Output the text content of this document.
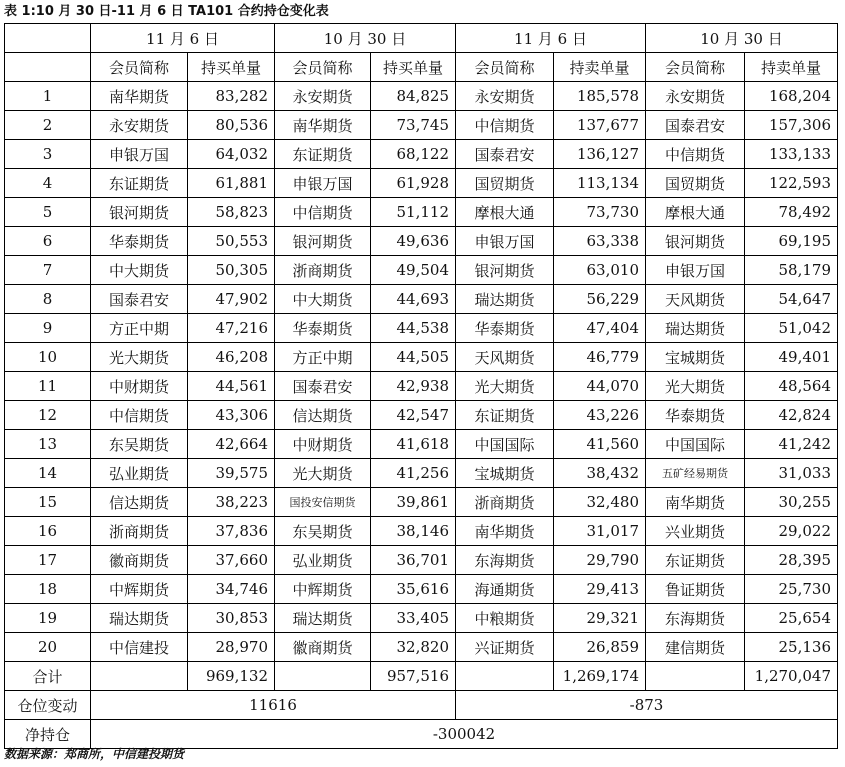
表 1:10 月 30 日-11 月 6 日 TA101 合约持仓变化表
	11 月 6 日		10 月 30 日		11 月 6 日		10 月 30 日	
	会员简称	持买单量	会员简称	持买单量	会员简称	持卖单量	会员简称	持卖单量
1	南华期货	83,282	永安期货	84,825	永安期货	185,578	永安期货	168,204
2	永安期货	80,536	南华期货	73,745	中信期货	137,677	国泰君安	157,306
3	申银万国	64,032	东证期货	68,122	国泰君安	136,127	中信期货	133,133
4	东证期货	61,881	申银万国	61,928	国贸期货	113,134	国贸期货	122,593
5	银河期货	58,823	中信期货	51,112	摩根大通	73,730	摩根大通	78,492
6	华泰期货	50,553	银河期货	49,636	申银万国	63,338	银河期货	69,195
7	中大期货	50,305	浙商期货	49,504	银河期货	63,010	申银万国	58,179
8	国泰君安	47,902	中大期货	44,693	瑞达期货	56,229	天风期货	54,647
9	方正中期	47,216	华泰期货	44,538	华泰期货	47,404	瑞达期货	51,042
10	光大期货	46,208	方正中期	44,505	天风期货	46,779	宝城期货	49,401
11	中财期货	44,561	国泰君安	42,938	光大期货	44,070	光大期货	48,564
12	中信期货	43,306	信达期货	42,547	东证期货	43,226	华泰期货	42,824
13	东吴期货	42,664	中财期货	41,618	中国国际	41,560	中国国际	41,242
14	弘业期货	39,575	光大期货	41,256	宝城期货	38,432	五矿经易期货	31,033
15	信达期货	38,223	国投安信期货	39,861	浙商期货	32,480	南华期货	30,255
16	浙商期货	37,836	东吴期货	38,146	南华期货	31,017	兴业期货	29,022
17	徽商期货	37,660	弘业期货	36,701	东海期货	29,790	东证期货	28,395
18	中辉期货	34,746	中辉期货	35,616	海通期货	29,413	鲁证期货	25,730
19	瑞达期货	30,853	瑞达期货	33,405	中粮期货	29,321	东海期货	25,654
20	中信建投	28,970	徽商期货	32,820	兴证期货	26,859	建信期货	25,136
合计		969,132		957,516		1,269,174		1,270,047
仓位变动	11616				-873			
净持仓	-300042							
数据来源：郑商所，中信建投期货
